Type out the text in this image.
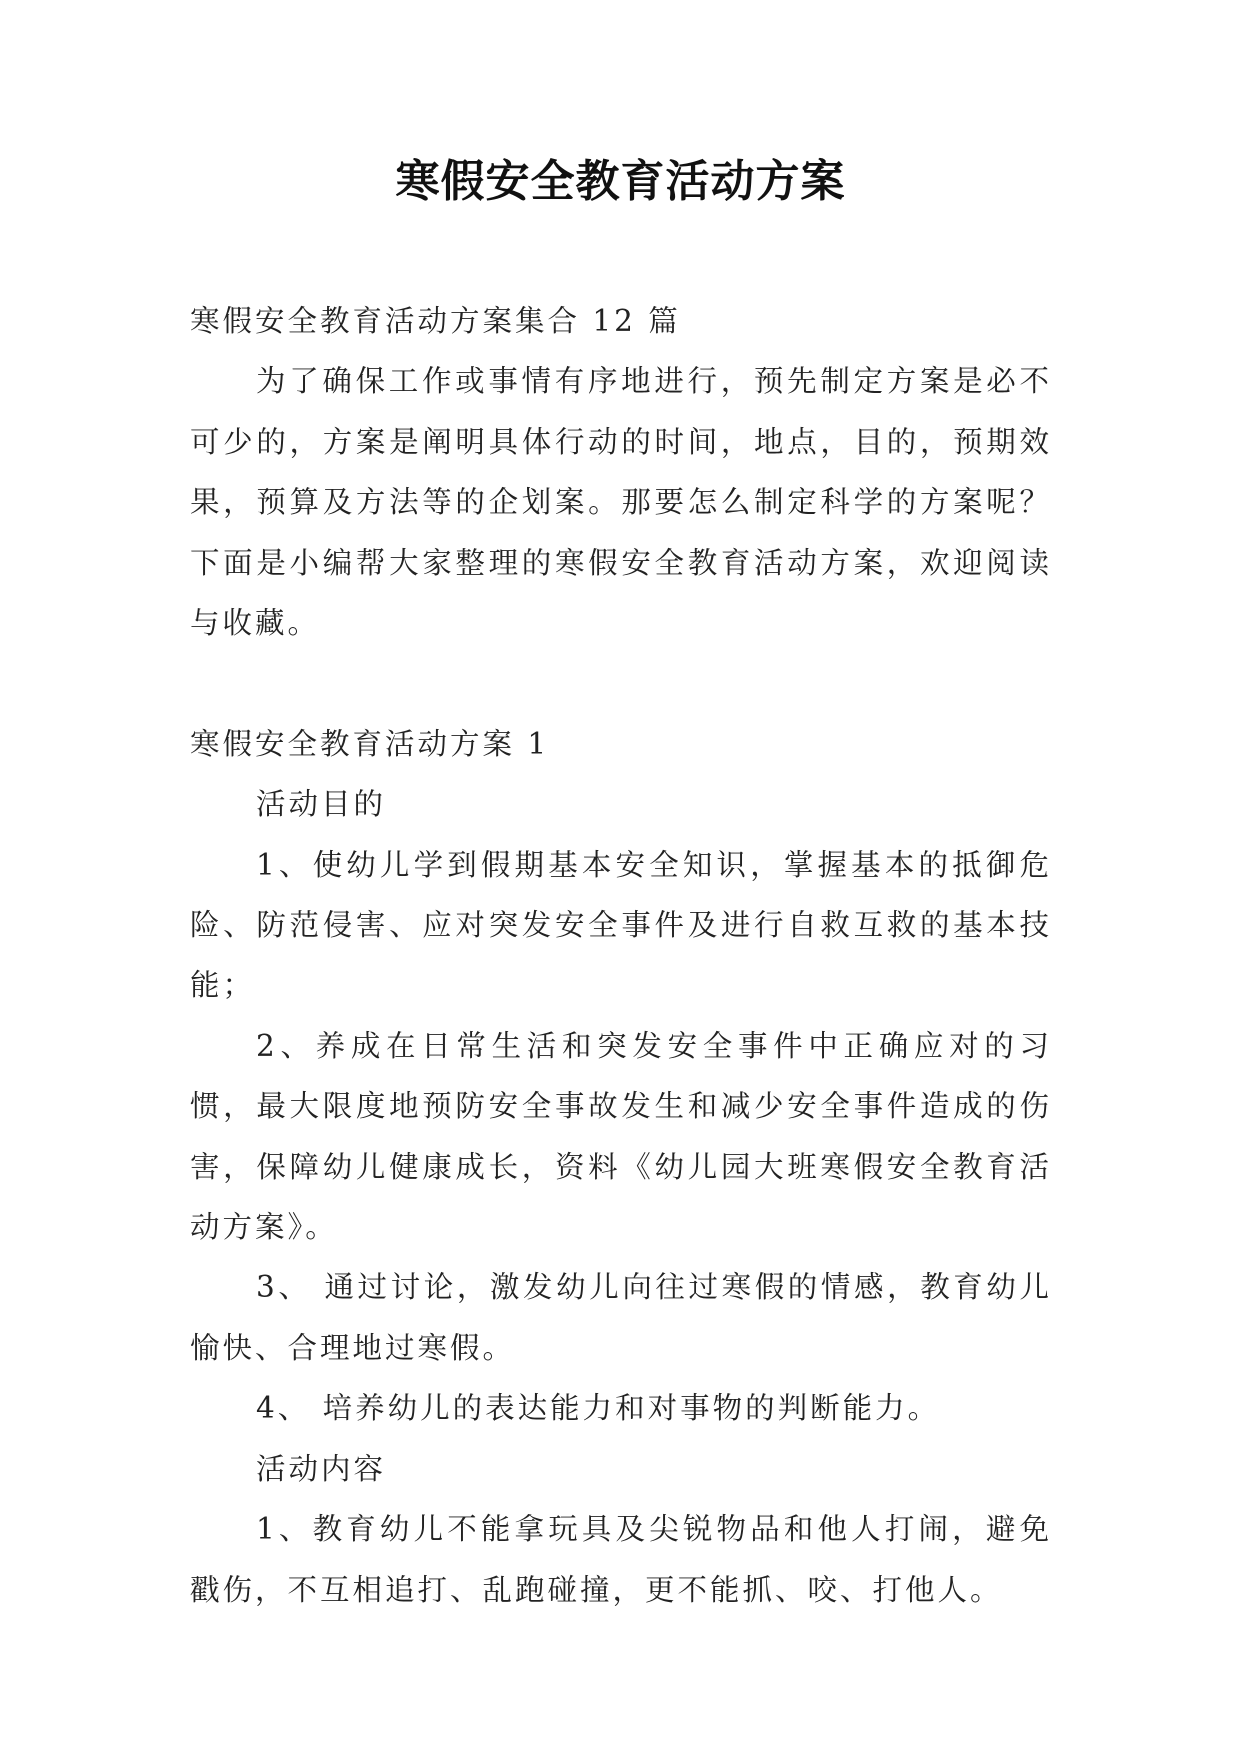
寒假安全教育活动方案

寒假安全教育活动方案集合 12 篇

为了确保工作或事情有序地进行，预先制定方案是必不可少的，方案是阐明具体行动的时间，地点，目的，预期效果，预算及方法等的企划案。那要怎么制定科学的方案呢？下面是小编帮大家整理的寒假安全教育活动方案，欢迎阅读与收藏。

寒假安全教育活动方案 1

活动目的

1、使幼儿学到假期基本安全知识，掌握基本的抵御危险、防范侵害、应对突发安全事件及进行自救互救的基本技能；

2、养成在日常生活和突发安全事件中正确应对的习惯，最大限度地预防安全事故发生和减少安全事件造成的伤害，保障幼儿健康成长，资料《幼儿园大班寒假安全教育活动方案》。

3、 通过讨论，激发幼儿向往过寒假的情感，教育幼儿愉快、合理地过寒假。

4、 培养幼儿的表达能力和对事物的判断能力。

活动内容

1、教育幼儿不能拿玩具及尖锐物品和他人打闹，避免戳伤，不互相追打、乱跑碰撞，更不能抓、咬、打他人。
